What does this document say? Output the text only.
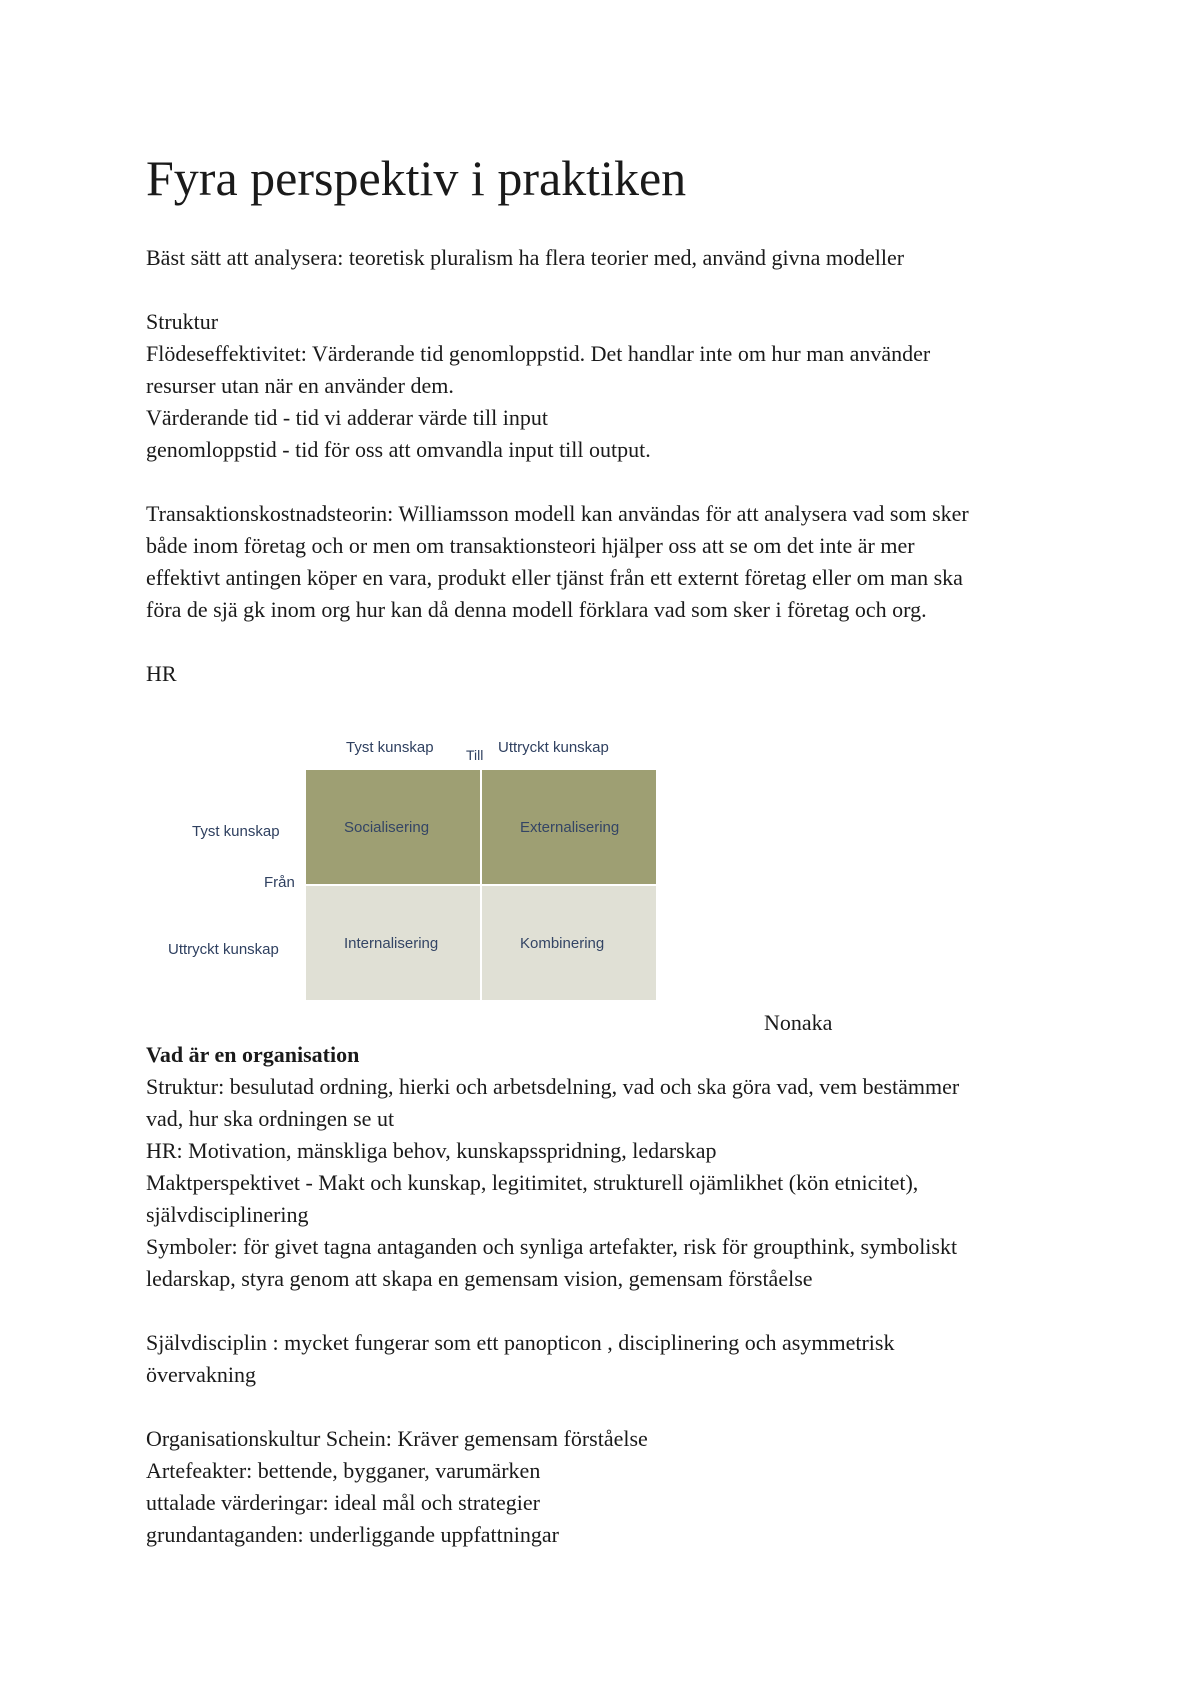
Fyra perspektiv i praktiken
Bäst sätt att analysera: teoretisk pluralism ha flera teorier med, använd givna modeller
Struktur
Flödeseffektivitet: Värderande tid genomloppstid. Det handlar inte om hur man använder
resurser utan när en använder dem.
Värderande tid - tid vi adderar värde till input
genomloppstid - tid för oss att omvandla input till output.
Transaktionskostnadsteorin: Williamsson modell kan användas för att analysera vad som sker
både inom företag och or men om transaktionsteori hjälper oss att se om det inte är mer
effektivt antingen köper en vara, produkt eller tjänst från ett externt företag eller om man ska
föra de sjä gk inom org hur kan då denna modell förklara vad som sker i företag och org.
HR
Tyst kunskap Till Uttryckt kunskap
Tyst kunskap
Från
Uttryckt kunskap
Socialisering	Externalisering
Internalisering	Kombinering
Nonaka
Vad är en organisation
Struktur: besulutad ordning, hierki och arbetsdelning, vad och ska göra vad, vem bestämmer
vad, hur ska ordningen se ut
HR: Motivation, mänskliga behov, kunskapsspridning, ledarskap
Maktperspektivet - Makt och kunskap, legitimitet, strukturell ojämlikhet (kön etnicitet),
självdisciplinering
Symboler: för givet tagna antaganden och synliga artefakter, risk för groupthink, symboliskt
ledarskap, styra genom att skapa en gemensam vision, gemensam förståelse
Självdisciplin : mycket fungerar som ett panopticon , disciplinering och asymmetrisk
övervakning
Organisationskultur Schein: Kräver gemensam förståelse
Artefeakter: bettende, bygganer, varumärken
uttalade värderingar: ideal mål och strategier
grundantaganden: underliggande uppfattningar
